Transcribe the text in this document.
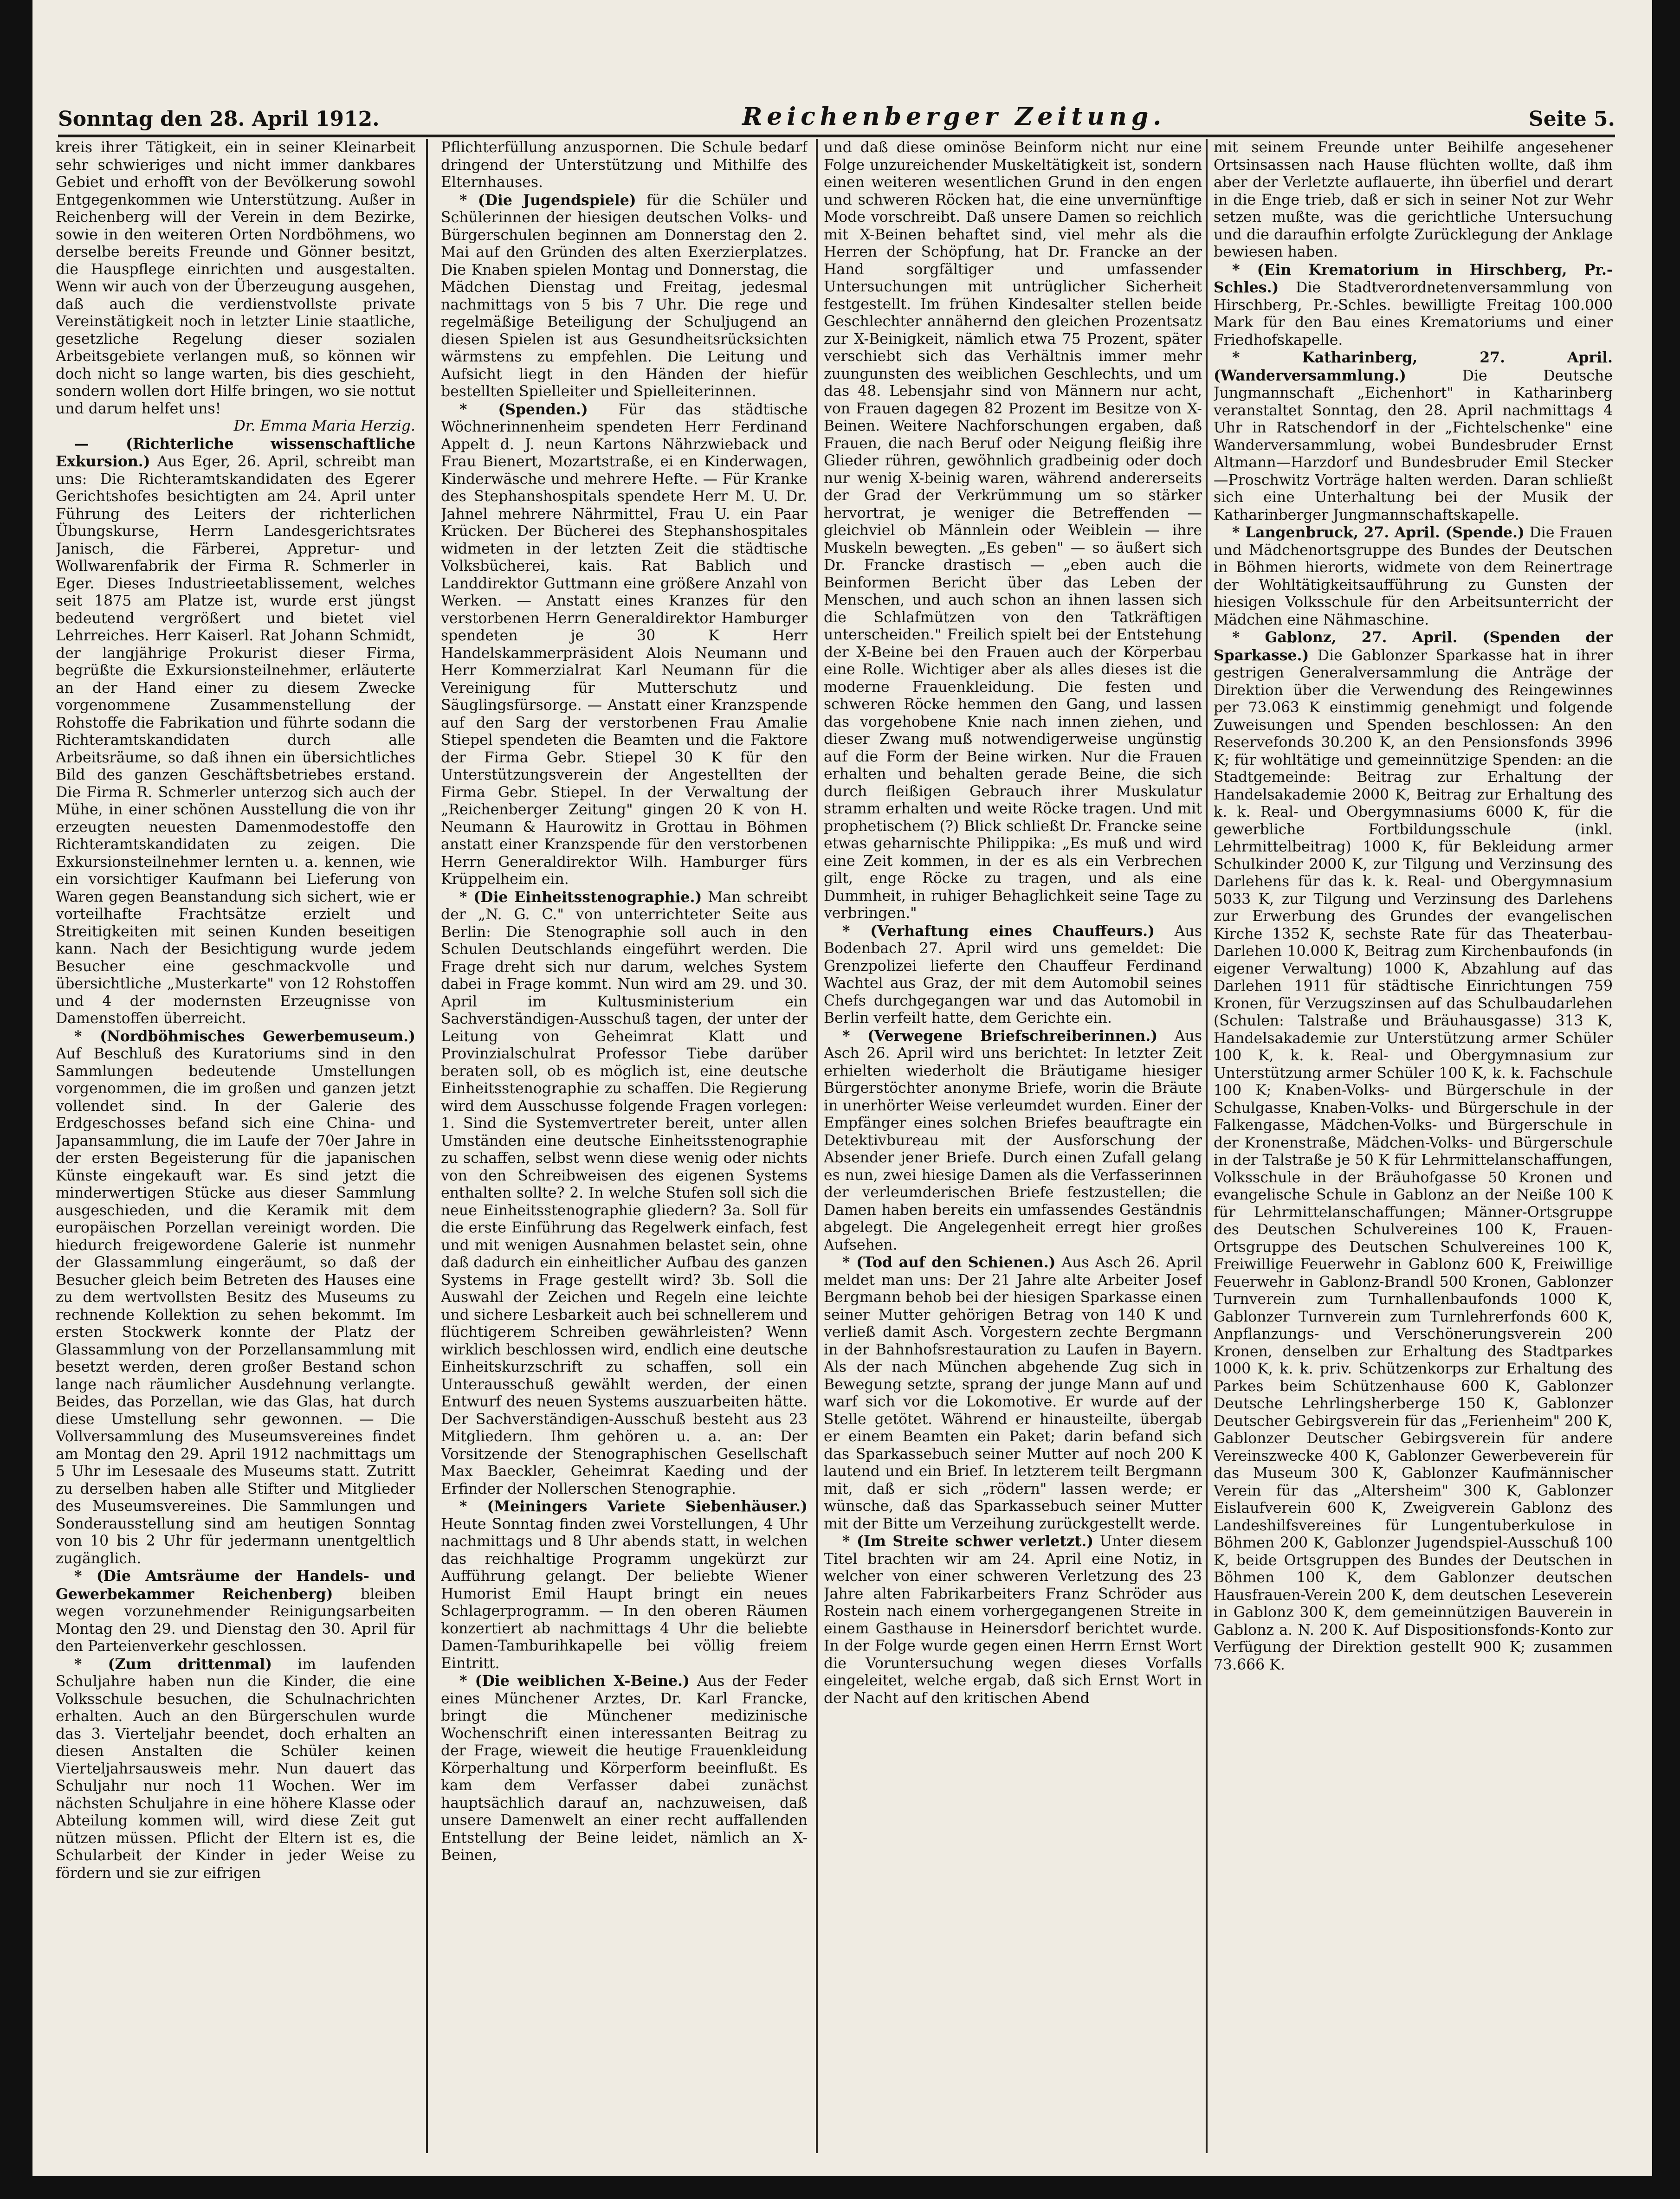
Sonntag den 28. April 1912.	Reichenberger Zeitung.	Seite 5.

kreis ihrer Tätigkeit, ein in seiner Kleinarbeit sehr schwieriges und nicht immer dankbares Gebiet und erhofft von der Bevölkerung sowohl Entgegenkommen wie Unterstützung. Außer in Reichenberg will der Verein in dem Bezirke, sowie in den weiteren Orten Nordböhmens, wo derselbe bereits Freunde und Gönner besitzt, die Hauspflege einrichten und ausgestalten. Wenn wir auch von der Überzeugung ausgehen, daß auch die verdienstvollste private Vereinstätigkeit noch in letzter Linie staatliche, gesetzliche Regelung dieser sozialen Arbeitsgebiete verlangen muß, so können wir doch nicht so lange warten, bis dies geschieht, sondern wollen dort Hilfe bringen, wo sie nottut und darum helfet uns!

Dr. Emma Maria Herzig.

— (Richterliche wissenschaftliche Exkursion.) Aus Eger, 26. April, schreibt man uns: Die Richteramtskandidaten des Egerer Gerichtshofes besichtigten am 24. April unter Führung des Leiters der richterlichen Übungskurse, Herrn Landesgerichtsrates Janisch, die Färberei, Appretur- und Wollwarenfabrik der Firma R. Schmerler in Eger. Dieses Industrieetablissement, welches seit 1875 am Platze ist, wurde erst jüngst bedeutend vergrößert und bietet viel Lehrreiches. Herr Kaiserl. Rat Johann Schmidt, der langjährige Prokurist dieser Firma, begrüßte die Exkursionsteilnehmer, erläuterte an der Hand einer zu diesem Zwecke vorgenommene Zusammenstellung der Rohstoffe die Fabrikation und führte sodann die Richteramtskandidaten durch alle Arbeitsräume, so daß ihnen ein übersichtliches Bild des ganzen Geschäftsbetriebes erstand. Die Firma R. Schmerler unterzog sich auch der Mühe, in einer schönen Ausstellung die von ihr erzeugten neuesten Damenmodestoffe den Richteramtskandidaten zu zeigen. Die Exkursionsteilnehmer lernten u. a. kennen, wie ein vorsichtiger Kaufmann bei Lieferung von Waren gegen Beanstandung sich sichert, wie er vorteilhafte Frachtsätze erzielt und Streitigkeiten mit seinen Kunden beseitigen kann. Nach der Besichtigung wurde jedem Besucher eine geschmackvolle und übersichtliche „Musterkarte" von 12 Rohstoffen und 4 der modernsten Erzeugnisse von Damenstoffen überreicht.

* (Nordböhmisches Gewerbemuseum.) Auf Beschluß des Kuratoriums sind in den Sammlungen bedeutende Umstellungen vorgenommen, die im großen und ganzen jetzt vollendet sind. In der Galerie des Erdgeschosses befand sich eine China- und Japansammlung, die im Laufe der 70er Jahre in der ersten Begeisterung für die japanischen Künste eingekauft war. Es sind jetzt die minderwertigen Stücke aus dieser Sammlung ausgeschieden, und die Keramik mit dem europäischen Porzellan vereinigt worden. Die hiedurch freigewordene Galerie ist nunmehr der Glassammlung eingeräumt, so daß der Besucher gleich beim Betreten des Hauses eine zu dem wertvollsten Besitz des Museums zu rechnende Kollektion zu sehen bekommt. Im ersten Stockwerk konnte der Platz der Glassammlung von der Porzellansammlung mit besetzt werden, deren großer Bestand schon lange nach räumlicher Ausdehnung verlangte. Beides, das Porzellan, wie das Glas, hat durch diese Umstellung sehr gewonnen. — Die Vollversammlung des Museumsvereines findet am Montag den 29. April 1912 nachmittags um 5 Uhr im Lesesaale des Museums statt. Zutritt zu derselben haben alle Stifter und Mitglieder des Museumsvereines. Die Sammlungen und Sonderausstellung sind am heutigen Sonntag von 10 bis 2 Uhr für jedermann unentgeltlich zugänglich.

* (Die Amtsräume der Handels- und Gewerbekammer Reichenberg) bleiben wegen vorzunehmender Reinigungsarbeiten Montag den 29. und Dienstag den 30. April für den Parteienverkehr geschlossen.

* (Zum drittenmal) im laufenden Schuljahre haben nun die Kinder, die eine Volksschule besuchen, die Schulnachrichten erhalten. Auch an den Bürgerschulen wurde das 3. Vierteljahr beendet, doch erhalten an diesen Anstalten die Schüler keinen Vierteljahrsausweis mehr. Nun dauert das Schuljahr nur noch 11 Wochen. Wer im nächsten Schuljahre in eine höhere Klasse oder Abteilung kommen will, wird diese Zeit gut nützen müssen. Pflicht der Eltern ist es, die Schularbeit der Kinder in jeder Weise zu fördern und sie zur eifrigen

Pflichterfüllung anzuspornen. Die Schule bedarf dringend der Unterstützung und Mithilfe des Elternhauses.

* (Die Jugendspiele) für die Schüler und Schülerinnen der hiesigen deutschen Volks- und Bürgerschulen beginnen am Donnerstag den 2. Mai auf den Gründen des alten Exerzierplatzes. Die Knaben spielen Montag und Donnerstag, die Mädchen Dienstag und Freitag, jedesmal nachmittags von 5 bis 7 Uhr. Die rege und regelmäßige Beteiligung der Schuljugend an diesen Spielen ist aus Gesundheitsrücksichten wärmstens zu empfehlen. Die Leitung und Aufsicht liegt in den Händen der hiefür bestellten Spielleiter und Spielleiterinnen.

* (Spenden.) Für das städtische Wöchnerinnenheim spendeten Herr Ferdinand Appelt d. J. neun Kartons Nährzwieback und Frau Bienert, Mozartstraße, ei en Kinderwagen, Kinderwäsche und mehrere Hefte. — Für Kranke des Stephanshospitals spendete Herr M. U. Dr. Jahnel mehrere Nährmittel, Frau U. ein Paar Krücken. Der Bücherei des Stephanshospitales widmeten in der letzten Zeit die städtische Volksbücherei, kais. Rat Bablich und Landdirektor Guttmann eine größere Anzahl von Werken. — Anstatt eines Kranzes für den verstorbenen Herrn Generaldirektor Hamburger spendeten je 30 K Herr Handelskammerpräsident Alois Neumann und Herr Kommerzialrat Karl Neumann für die Vereinigung für Mutterschutz und Säuglingsfürsorge. — Anstatt einer Kranzspende auf den Sarg der verstorbenen Frau Amalie Stiepel spendeten die Beamten und die Faktore der Firma Gebr. Stiepel 30 K für den Unterstützungsverein der Angestellten der Firma Gebr. Stiepel. In der Verwaltung der „Reichenberger Zeitung" gingen 20 K von H. Neumann & Haurowitz in Grottau in Böhmen anstatt einer Kranzspende für den verstorbenen Herrn Generaldirektor Wilh. Hamburger fürs Krüppelheim ein.

* (Die Einheitsstenographie.) Man schreibt der „N. G. C." von unterrichteter Seite aus Berlin: Die Stenographie soll auch in den Schulen Deutschlands eingeführt werden. Die Frage dreht sich nur darum, welches System dabei in Frage kommt. Nun wird am 29. und 30. April im Kultusministerium ein Sachverständigen-Ausschuß tagen, der unter der Leitung von Geheimrat Klatt und Provinzialschulrat Professor Tiebe darüber beraten soll, ob es möglich ist, eine deutsche Einheitsstenographie zu schaffen. Die Regierung wird dem Ausschusse folgende Fragen vorlegen: 1. Sind die Systemvertreter bereit, unter allen Umständen eine deutsche Einheitsstenographie zu schaffen, selbst wenn diese wenig oder nichts von den Schreibweisen des eigenen Systems enthalten sollte? 2. In welche Stufen soll sich die neue Einheitsstenographie gliedern? 3a. Soll für die erste Einführung das Regelwerk einfach, fest und mit wenigen Ausnahmen belastet sein, ohne daß dadurch ein einheitlicher Aufbau des ganzen Systems in Frage gestellt wird? 3b. Soll die Auswahl der Zeichen und Regeln eine leichte und sichere Lesbarkeit auch bei schnellerem und flüchtigerem Schreiben gewährleisten? Wenn wirklich beschlossen wird, endlich eine deutsche Einheitskurzschrift zu schaffen, soll ein Unterausschuß gewählt werden, der einen Entwurf des neuen Systems auszuarbeiten hätte. Der Sachverständigen-Ausschuß besteht aus 23 Mitgliedern. Ihm gehören u. a. an: Der Vorsitzende der Stenographischen Gesellschaft Max Baeckler, Geheimrat Kaeding und der Erfinder der Nollerschen Stenographie.

* (Meiningers Variete Siebenhäuser.) Heute Sonntag finden zwei Vorstellungen, 4 Uhr nachmittags und 8 Uhr abends statt, in welchen das reichhaltige Programm ungekürzt zur Aufführung gelangt. Der beliebte Wiener Humorist Emil Haupt bringt ein neues Schlagerprogramm. — In den oberen Räumen konzertiert ab nachmittags 4 Uhr die beliebte Damen-Tamburihkapelle bei völlig freiem Eintritt.

* (Die weiblichen X-Beine.) Aus der Feder eines Münchener Arztes, Dr. Karl Francke, bringt die Münchener medizinische Wochenschrift einen interessanten Beitrag zu der Frage, wieweit die heutige Frauenkleidung Körperhaltung und Körperform beeinflußt. Es kam dem Verfasser dabei zunächst hauptsächlich darauf an, nachzuweisen, daß unsere Damenwelt an einer recht auffallenden Entstellung der Beine leidet, nämlich an X-Beinen,

und daß diese ominöse Beinform nicht nur eine Folge unzureichender Muskeltätigkeit ist, sondern einen weiteren wesentlichen Grund in den engen und schweren Röcken hat, die eine unvernünftige Mode vorschreibt. Daß unsere Damen so reichlich mit X-Beinen behaftet sind, viel mehr als die Herren der Schöpfung, hat Dr. Francke an der Hand sorgfältiger und umfassender Untersuchungen mit untrüglicher Sicherheit festgestellt. Im frühen Kindesalter stellen beide Geschlechter annähernd den gleichen Prozentsatz zur X-Beinigkeit, nämlich etwa 75 Prozent, später verschiebt sich das Verhältnis immer mehr zuungunsten des weiblichen Geschlechts, und um das 48. Lebensjahr sind von Männern nur acht, von Frauen dagegen 82 Prozent im Besitze von X-Beinen. Weitere Nachforschungen ergaben, daß Frauen, die nach Beruf oder Neigung fleißig ihre Glieder rühren, gewöhnlich gradbeinig oder doch nur wenig X-beinig waren, während andererseits der Grad der Verkrümmung um so stärker hervortrat, je weniger die Betreffenden — gleichviel ob Männlein oder Weiblein — ihre Muskeln bewegten. „Es geben" — so äußert sich Dr. Francke drastisch — „eben auch die Beinformen Bericht über das Leben der Menschen, und auch schon an ihnen lassen sich die Schlafmützen von den Tatkräftigen unterscheiden." Freilich spielt bei der Entstehung der X-Beine bei den Frauen auch der Körperbau eine Rolle. Wichtiger aber als alles dieses ist die moderne Frauenkleidung. Die festen und schweren Röcke hemmen den Gang, und lassen das vorgehobene Knie nach innen ziehen, und dieser Zwang muß notwendigerweise ungünstig auf die Form der Beine wirken. Nur die Frauen erhalten und behalten gerade Beine, die sich durch fleißigen Gebrauch ihrer Muskulatur stramm erhalten und weite Röcke tragen. Und mit prophetischem (?) Blick schließt Dr. Francke seine etwas geharnischte Philippika: „Es muß und wird eine Zeit kommen, in der es als ein Verbrechen gilt, enge Röcke zu tragen, und als eine Dummheit, in ruhiger Behaglichkeit seine Tage zu verbringen."

* (Verhaftung eines Chauffeurs.) Aus Bodenbach 27. April wird uns gemeldet: Die Grenzpolizei lieferte den Chauffeur Ferdinand Wachtel aus Graz, der mit dem Automobil seines Chefs durchgegangen war und das Automobil in Berlin verfeilt hatte, dem Gerichte ein.

* (Verwegene Briefschreiberinnen.) Aus Asch 26. April wird uns berichtet: In letzter Zeit erhielten wiederholt die Bräutigame hiesiger Bürgerstöchter anonyme Briefe, worin die Bräute in unerhörter Weise verleumdet wurden. Einer der Empfänger eines solchen Briefes beauftragte ein Detektivbureau mit der Ausforschung der Absender jener Briefe. Durch einen Zufall gelang es nun, zwei hiesige Damen als die Verfasserinnen der verleumderischen Briefe festzustellen; die Damen haben bereits ein umfassendes Geständnis abgelegt. Die Angelegenheit erregt hier großes Aufsehen.

* (Tod auf den Schienen.) Aus Asch 26. April meldet man uns: Der 21 Jahre alte Arbeiter Josef Bergmann behob bei der hiesigen Sparkasse einen seiner Mutter gehörigen Betrag von 140 K und verließ damit Asch. Vorgestern zechte Bergmann in der Bahnhofsrestauration zu Laufen in Bayern. Als der nach München abgehende Zug sich in Bewegung setzte, sprang der junge Mann auf und warf sich vor die Lokomotive. Er wurde auf der Stelle getötet. Während er hinausteilte, übergab er einem Beamten ein Paket; darin befand sich das Sparkassebuch seiner Mutter auf noch 200 K lautend und ein Brief. In letzterem teilt Bergmann mit, daß er sich „rödern" lassen werde; er wünsche, daß das Sparkassebuch seiner Mutter mit der Bitte um Verzeihung zurückgestellt werde.

* (Im Streite schwer verletzt.) Unter diesem Titel brachten wir am 24. April eine Notiz, in welcher von einer schweren Verletzung des 23 Jahre alten Fabrikarbeiters Franz Schröder aus Rostein nach einem vorhergegangenen Streite in einem Gasthause in Heinersdorf berichtet wurde. In der Folge wurde gegen einen Herrn Ernst Wort die Voruntersuchung wegen dieses Vorfalls eingeleitet, welche ergab, daß sich Ernst Wort in der Nacht auf den kritischen Abend

mit seinem Freunde unter Beihilfe angesehener Ortsinsassen nach Hause flüchten wollte, daß ihm aber der Verletzte auflauerte, ihn überfiel und derart in die Enge trieb, daß er sich in seiner Not zur Wehr setzen mußte, was die gerichtliche Untersuchung und die daraufhin erfolgte Zurücklegung der Anklage bewiesen haben.

* (Ein Krematorium in Hirschberg, Pr.-Schles.) Die Stadtverordnetenversammlung von Hirschberg, Pr.-Schles. bewilligte Freitag 100.000 Mark für den Bau eines Krematoriums und einer Friedhofskapelle.

* Katharinberg, 27. April. (Wanderversammlung.) Die Deutsche Jungmannschaft „Eichenhort" in Katharinberg veranstaltet Sonntag, den 28. April nachmittags 4 Uhr in Ratschendorf in der „Fichtelschenke" eine Wanderversammlung, wobei Bundesbruder Ernst Altmann—Harzdorf und Bundesbruder Emil Stecker—Proschwitz Vorträge halten werden. Daran schließt sich eine Unterhaltung bei der Musik der Katharinberger Jungmannschaftskapelle.

* Langenbruck, 27. April. (Spende.) Die Frauen und Mädchenortsgruppe des Bundes der Deutschen in Böhmen hierorts, widmete von dem Reinertrage der Wohltätigkeitsaufführung zu Gunsten der hiesigen Volksschule für den Arbeitsunterricht der Mädchen eine Nähmaschine.

* Gablonz, 27. April. (Spenden der Sparkasse.) Die Gablonzer Sparkasse hat in ihrer gestrigen Generalversammlung die Anträge der Direktion über die Verwendung des Reingewinnes per 73.063 K einstimmig genehmigt und folgende Zuweisungen und Spenden beschlossen: An den Reservefonds 30.200 K, an den Pensionsfonds 3996 K; für wohltätige und gemeinnützige Spenden: an die Stadtgemeinde: Beitrag zur Erhaltung der Handelsakademie 2000 K, Beitrag zur Erhaltung des k. k. Real- und Obergymnasiums 6000 K, für die gewerbliche Fortbildungsschule (inkl. Lehrmittelbeitrag) 1000 K, für Bekleidung armer Schulkinder 2000 K, zur Tilgung und Verzinsung des Darlehens für das k. k. Real- und Obergymnasium 5033 K, zur Tilgung und Verzinsung des Darlehens zur Erwerbung des Grundes der evangelischen Kirche 1352 K, sechste Rate für das Theaterbau-Darlehen 10.000 K, Beitrag zum Kirchenbaufonds (in eigener Verwaltung) 1000 K, Abzahlung auf das Darlehen 1911 für städtische Einrichtungen 759 Kronen, für Verzugszinsen auf das Schulbaudarlehen (Schulen: Talstraße und Bräuhausgasse) 313 K, Handelsakademie zur Unterstützung armer Schüler 100 K, k. k. Real- und Obergymnasium zur Unterstützung armer Schüler 100 K, k. k. Fachschule 100 K; Knaben-Volks- und Bürgerschule in der Schulgasse, Knaben-Volks- und Bürgerschule in der Falkengasse, Mädchen-Volks- und Bürgerschule in der Kronenstraße, Mädchen-Volks- und Bürgerschule in der Talstraße je 50 K für Lehrmittelanschaffungen, Volksschule in der Bräuhofgasse 50 Kronen und evangelische Schule in Gablonz an der Neiße 100 K für Lehrmittelanschaffungen; Männer-Ortsgruppe des Deutschen Schulvereines 100 K, Frauen-Ortsgruppe des Deutschen Schulvereines 100 K, Freiwillige Feuerwehr in Gablonz 600 K, Freiwillige Feuerwehr in Gablonz-Brandl 500 Kronen, Gablonzer Turnverein zum Turnhallenbaufonds 1000 K, Gablonzer Turnverein zum Turnlehrerfonds 600 K, Anpflanzungs- und Verschönerungsverein 200 Kronen, denselben zur Erhaltung des Stadtparkes 1000 K, k. k. priv. Schützenkorps zur Erhaltung des Parkes beim Schützenhause 600 K, Gablonzer Deutsche Lehrlingsherberge 150 K, Gablonzer Deutscher Gebirgsverein für das „Ferienheim" 200 K, Gablonzer Deutscher Gebirgsverein für andere Vereinszwecke 400 K, Gablonzer Gewerbeverein für das Museum 300 K, Gablonzer Kaufmännischer Verein für das „Altersheim" 300 K, Gablonzer Eislaufverein 600 K, Zweigverein Gablonz des Landeshilfsvereines für Lungentuberkulose in Böhmen 200 K, Gablonzer Jugendspiel-Ausschuß 100 K, beide Ortsgruppen des Bundes der Deutschen in Böhmen 100 K, dem Gablonzer deutschen Hausfrauen-Verein 200 K, dem deutschen Leseverein in Gablonz 300 K, dem gemeinnützigen Bauverein in Gablonz a. N. 200 K. Auf Dispositionsfonds-Konto zur Verfügung der Direktion gestellt 900 K; zusammen 73.666 K.
